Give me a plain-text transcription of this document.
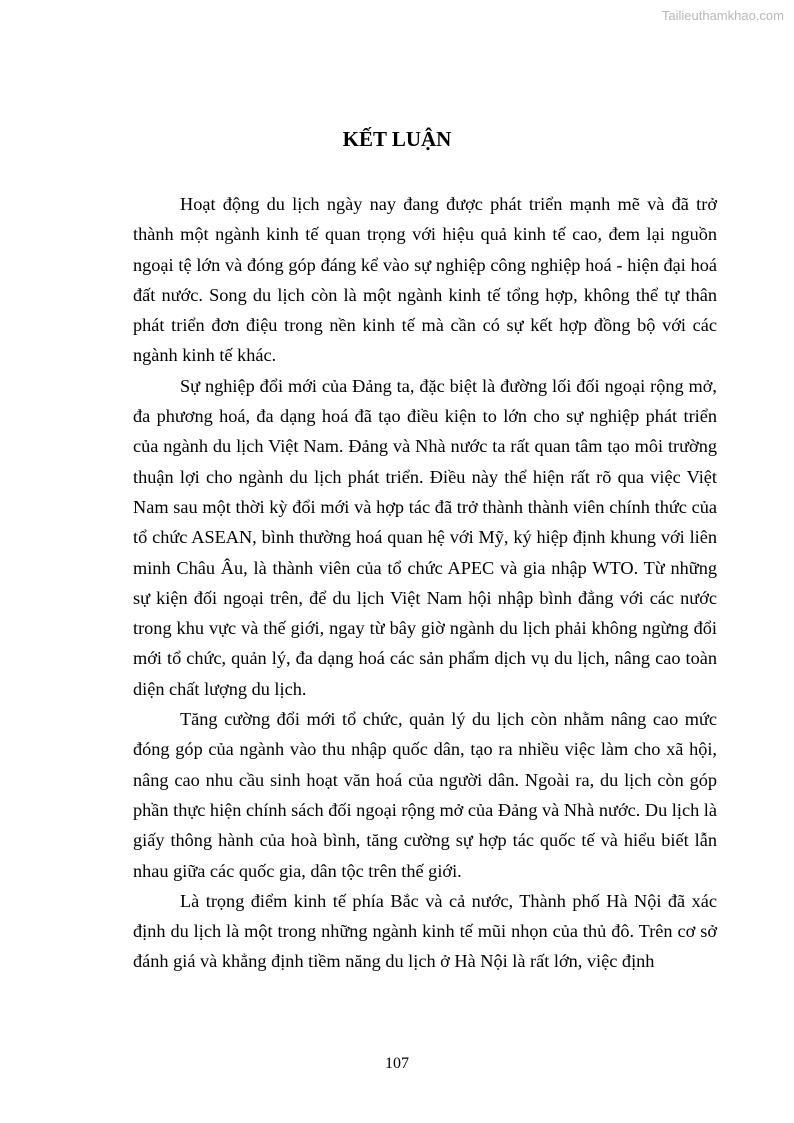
Tailieuthamkhao.com
KẾT LUẬN

Hoạt động du lịch ngày nay đang được phát triển mạnh mẽ và đã trở thành một ngành kinh tế quan trọng với hiệu quả kinh tế cao, đem lại nguồn ngoại tệ lớn và đóng góp đáng kể vào sự nghiệp công nghiệp hoá - hiện đại hoá đất nước. Song du lịch còn là một ngành kinh tế tổng hợp, không thể tự thân phát triển đơn điệu trong nền kinh tế mà cần có sự kết hợp đồng bộ với các ngành kinh tế khác.

Sự nghiệp đổi mới của Đảng ta, đặc biệt là đường lối đối ngoại rộng mở, đa phương hoá, đa dạng hoá đã tạo điều kiện to lớn cho sự nghiệp phát triển của ngành du lịch Việt Nam. Đảng và Nhà nước ta rất quan tâm tạo môi trường thuận lợi cho ngành du lịch phát triển. Điều này thể hiện rất rõ qua việc Việt Nam sau một thời kỳ đổi mới và hợp tác đã trở thành thành viên chính thức của tổ chức ASEAN, bình thường hoá quan hệ với Mỹ, ký hiệp định khung với liên minh Châu Âu, là thành viên của tổ chức APEC và gia nhập WTO. Từ những sự kiện đối ngoại trên, để du lịch Việt Nam hội nhập bình đẳng với các nước trong khu vực và thế giới, ngay từ bây giờ ngành du lịch phải không ngừng đổi mới tổ chức, quản lý, đa dạng hoá các sản phẩm dịch vụ du lịch, nâng cao toàn diện chất lượng du lịch.

Tăng cường đổi mới tổ chức, quản lý du lịch còn nhằm nâng cao mức đóng góp của ngành vào thu nhập quốc dân, tạo ra nhiều việc làm cho xã hội, nâng cao nhu cầu sinh hoạt văn hoá của người dân. Ngoài ra, du lịch còn góp phần thực hiện chính sách đối ngoại rộng mở của Đảng và Nhà nước. Du lịch là giấy thông hành của hoà bình, tăng cường sự hợp tác quốc tế và hiểu biết lẫn nhau giữa các quốc gia, dân tộc trên thế giới.

Là trọng điểm kinh tế phía Bắc và cả nước, Thành phố Hà Nội đã xác định du lịch là một trong những ngành kinh tế mũi nhọn của thủ đô. Trên cơ sở đánh giá và khẳng định tiềm năng du lịch ở Hà Nội là rất lớn, việc định

107
